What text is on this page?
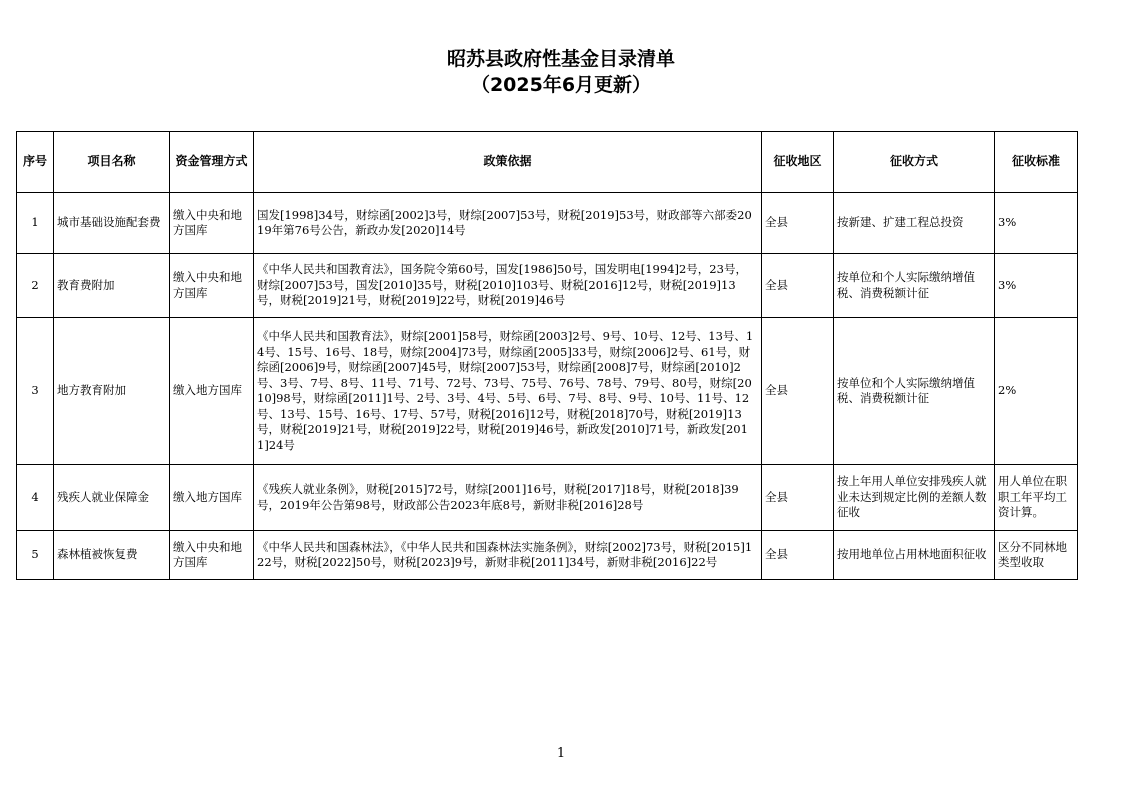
昭苏县政府性基金目录清单
（2025年6月更新）
序号	项目名称	资金管理方式	政策依据	征收地区	征收方式	征收标准
1	城市基础设施配套费	缴入中央和地方国库	国发[1998]34号，财综函[2002]3号，财综[2007]53号，财税[2019]53号，财政部等六部委2019年第76号公告，新政办发[2020]14号	全县	按新建、扩建工程总投资	3%
2	教育费附加	缴入中央和地方国库	《中华人民共和国教育法》，国务院令第60号，国发[1986]50号，国发明电[1994]2号，23号，财综[2007]53号，国发[2010]35号，财税[2010]103号、财税[2016]12号，财税[2019]13号，财税[2019]21号，财税[2019]22号，财税[2019]46号	全县	按单位和个人实际缴纳增值税、消费税额计征	3%
3	地方教育附加	缴入地方国库	《中华人民共和国教育法》，财综[2001]58号，财综函[2003]2号、9号、10号、12号、13号、14号、15号、16号、18号，财综[2004]73号，财综函[2005]33号，财综[2006]2号、61号，财综函[2006]9号，财综函[2007]45号，财综[2007]53号，财综函[2008]7号，财综函[2010]2号、3号、7号、8号、11号、71号、72号、73号、75号、76号、78号、79号、80号，财综[2010]98号，财综函[2011]1号、2号、3号、4号、5号、6号、7号、8号、9号、10号、11号、12号、13号、15号、16号、17号、57号，财税[2016]12号，财税[2018]70号，财税[2019]13号，财税[2019]21号，财税[2019]22号，财税[2019]46号，新政发[2010]71号，新政发[2011]24号	全县	按单位和个人实际缴纳增值税、消费税额计征	2%
4	残疾人就业保障金	缴入地方国库	《残疾人就业条例》，财税[2015]72号，财综[2001]16号，财税[2017]18号，财税[2018]39号，2019年公告第98号，财政部公告2023年底8号，新财非税[2016]28号	全县	按上年用人单位安排残疾人就业未达到规定比例的差额人数征收	用人单位在职职工年平均工资计算。
5	森林植被恢复费	缴入中央和地方国库	《中华人民共和国森林法》，《中华人民共和国森林法实施条例》，财综[2002]73号，财税[2015]122号，财税[2022]50号，财税[2023]9号，新财非税[2011]34号，新财非税[2016]22号	全县	按用地单位占用林地面积征收	区分不同林地类型收取
1
